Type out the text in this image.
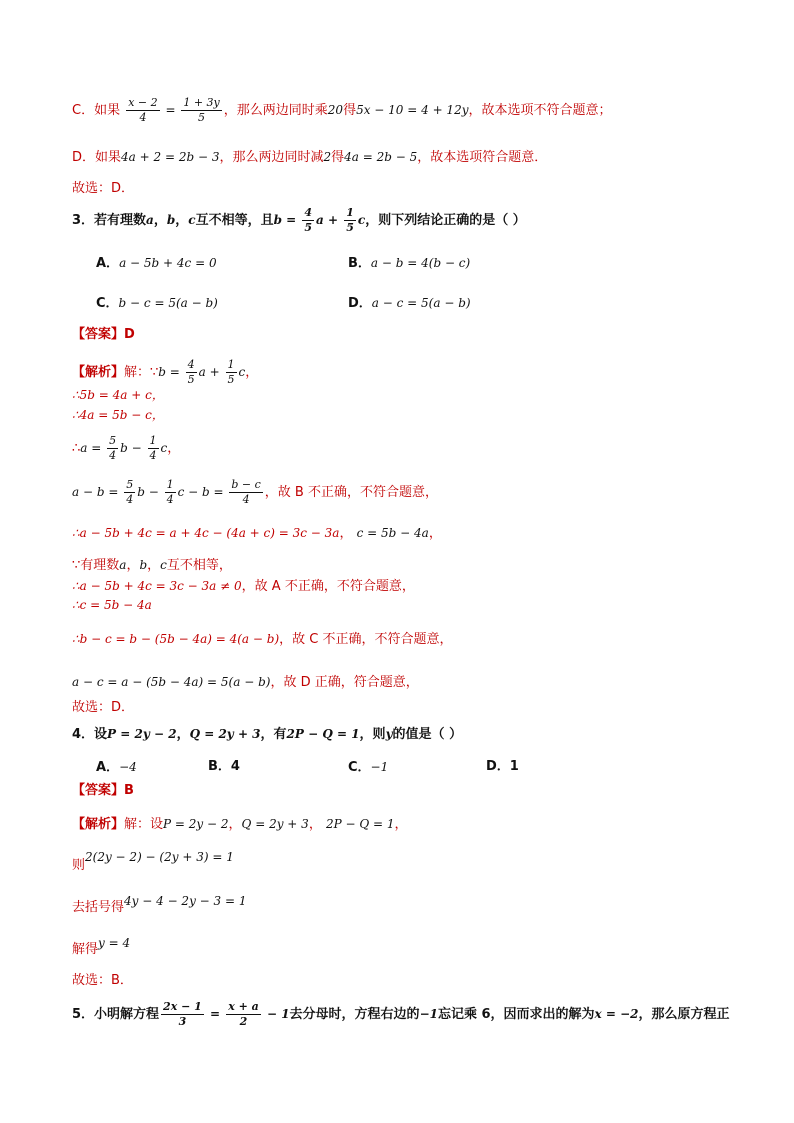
C．如果 $\frac{x - 2}{4} = \frac{1 + 3y}{5}$ ，那么两边同时乘20得5x − 10 = 4 + 12y，故本选项不符合题意；
D．如果4a + 2 = 2b − 3，那么两边同时减2得4a = 2b − 5，故本选项符合题意．
故选：D．
3．若有理数a，b，c互不相等，且$b = \frac{4}{5}$ $a + \frac{1}{5}$ c，则下列结论正确的是（ ）
A．a − 5b + 4c = 0	B．a − b = 4(b − c)
C．b − c = 5(a − b)	D．a − c = 5(a − b)
【答案】D
【解析】解：∵b = $\frac{4}{5}$ $a + \frac{1}{5}$ c，
∴5b = 4a + c，
∴4a = 5b − c，
∴a = $\frac{5}{4}$ $b - \frac{1}{4}$ c，
$a - b = \frac{5}{4}$ $b - \frac{1}{4}$ $c - b = \frac{b - c}{4}$ ，故 B 不正确，不符合题意，
∴a − 5b + 4c = a + 4c − (4a + c) = 3c − 3a， c = 5b − 4a，
∵有理数a，b，c互不相等，
∴a − 5b + 4c = 3c − 3a ≠ 0，故 A 不正确，不符合题意，
∴c = 5b − 4a
∴b − c = b − (5b − 4a) = 4(a − b)，故 C 不正确，不符合题意，
a − c = a − (5b − 4a) = 5(a − b)，故 D 正确，符合题意，
故选：D．
4．设P = 2y − 2，Q = 2y + 3，有2P − Q = 1，则y的值是（ ）
A．−4	B．4	C．−1	D．1
【答案】B
【解析】解：设P = 2y − 2，Q = 2y + 3， 2P − Q = 1，
则2(2y − 2) − (2y + 3) = 1
去括号得4y − 4 − 2y − 3 = 1
解得y = 4
故选：B．
5．小明解方程 $\frac{2x - 1}{3} = \frac{x + a}{2} - 1$去分母时，方程右边的−1忘记乘 6，因而求出的解为x = −2，那么原方程正
